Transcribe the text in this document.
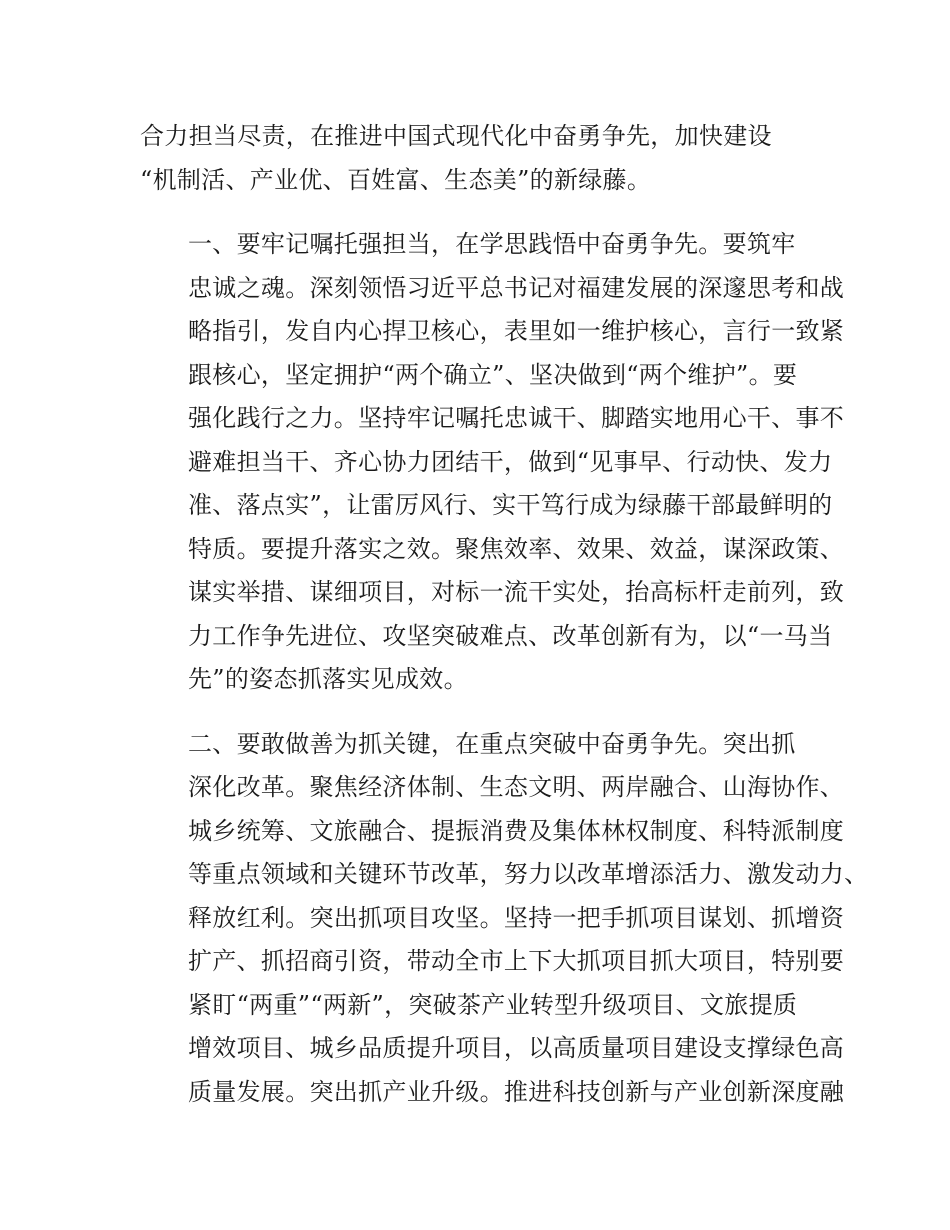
合力担当尽责，在推进中国式现代化中奋勇争先，加快建设
“机制活、产业优、百姓富、生态美”的新绿藤。

一、要牢记嘱托强担当，在学思践悟中奋勇争先。要筑牢
忠诚之魂。深刻领悟习近平总书记对福建发展的深邃思考和战
略指引，发自内心捍卫核心，表里如一维护核心，言行一致紧
跟核心，坚定拥护“两个确立”、坚决做到“两个维护”。要
强化践行之力。坚持牢记嘱托忠诚干、脚踏实地用心干、事不
避难担当干、齐心协力团结干，做到“见事早、行动快、发力
准、落点实”，让雷厉风行、实干笃行成为绿藤干部最鲜明的
特质。要提升落实之效。聚焦效率、效果、效益，谋深政策、
谋实举措、谋细项目，对标一流干实处，抬高标杆走前列，致
力工作争先进位、攻坚突破难点、改革创新有为，以“一马当
先”的姿态抓落实见成效。

二、要敢做善为抓关键，在重点突破中奋勇争先。突出抓
深化改革。聚焦经济体制、生态文明、两岸融合、山海协作、
城乡统筹、文旅融合、提振消费及集体林权制度、科特派制度
等重点领域和关键环节改革，努力以改革增添活力、激发动力、
释放红利。突出抓项目攻坚。坚持一把手抓项目谋划、抓增资
扩产、抓招商引资，带动全市上下大抓项目抓大项目，特别要
紧盯“两重”“两新”，突破茶产业转型升级项目、文旅提质
增效项目、城乡品质提升项目，以高质量项目建设支撑绿色高
质量发展。突出抓产业升级。推进科技创新与产业创新深度融
